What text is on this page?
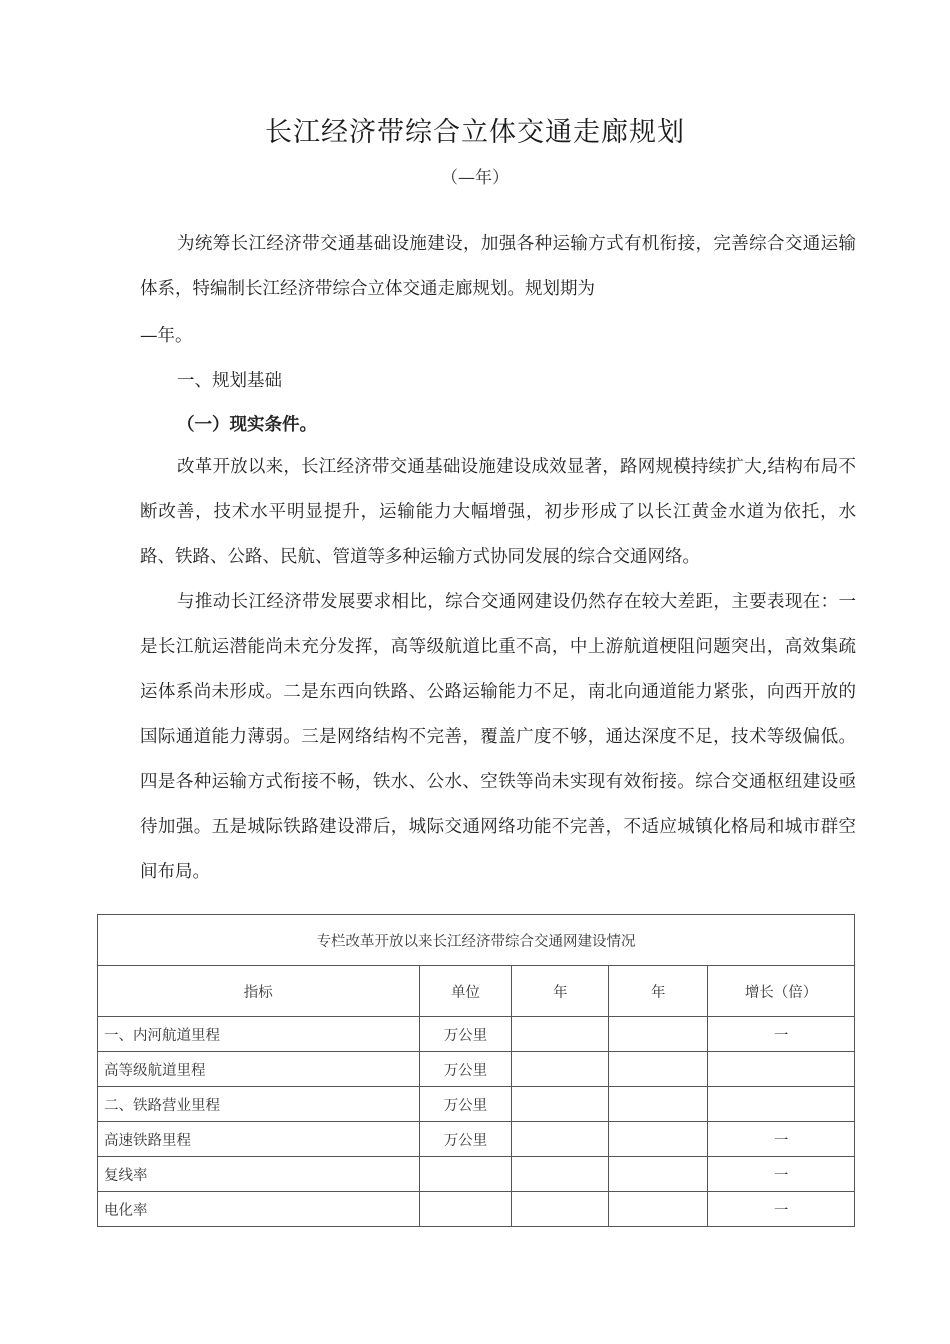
长江经济带综合立体交通走廊规划
（—年）
为统筹长江经济带交通基础设施建设，加强各种运输方式有机衔接，完善综合交通运输体系，特编制长江经济带综合立体交通走廊规划。规划期为
—年。
一、规划基础
（一）现实条件。
改革开放以来，长江经济带交通基础设施建设成效显著，路网规模持续扩大,结构布局不断改善，技术水平明显提升，运输能力大幅增强，初步形成了以长江黄金水道为依托，水路、铁路、公路、民航、管道等多种运输方式协同发展的综合交通网络。
与推动长江经济带发展要求相比，综合交通网建设仍然存在较大差距，主要表现在：一是长江航运潜能尚未充分发挥，高等级航道比重不高，中上游航道梗阻问题突出，高效集疏运体系尚未形成。二是东西向铁路、公路运输能力不足，南北向通道能力紧张，向西开放的国际通道能力薄弱。三是网络结构不完善，覆盖广度不够，通达深度不足，技术等级偏低。四是各种运输方式衔接不畅，铁水、公水、空铁等尚未实现有效衔接。综合交通枢纽建设亟待加强。五是城际铁路建设滞后，城际交通网络功能不完善，不适应城镇化格局和城市群空间布局。
专栏改革开放以来长江经济带综合交通网建设情况				
指标	单位	年	年	增长（倍）
一、内河航道里程	万公里			一
高等级航道里程	万公里			
二、铁路营业里程	万公里			
高速铁路里程	万公里			一
复线率				一
电化率				一
